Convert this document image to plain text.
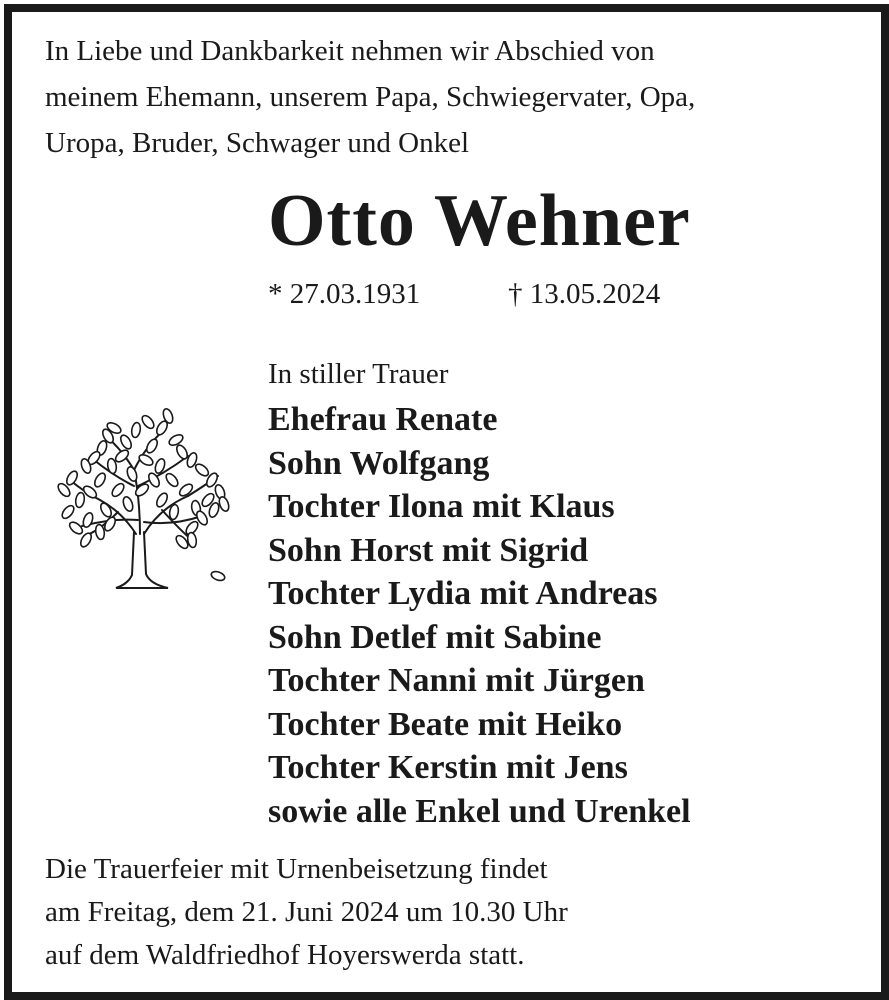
In Liebe und Dankbarkeit nehmen wir Abschied von
meinem Ehemann, unserem Papa, Schwiegervater, Opa,
Uropa, Bruder, Schwager und Onkel
Otto Wehner
* 27.03.1931	† 13.05.2024
In stiller Trauer
Ehefrau Renate
Sohn Wolfgang
Tochter Ilona mit Klaus
Sohn Horst mit Sigrid
Tochter Lydia mit Andreas
Sohn Detlef mit Sabine
Tochter Nanni mit Jürgen
Tochter Beate mit Heiko
Tochter Kerstin mit Jens
sowie alle Enkel und Urenkel
Die Trauerfeier mit Urnenbeisetzung findet
am Freitag, dem 21. Juni 2024 um 10.30 Uhr
auf dem Waldfriedhof Hoyerswerda statt.
